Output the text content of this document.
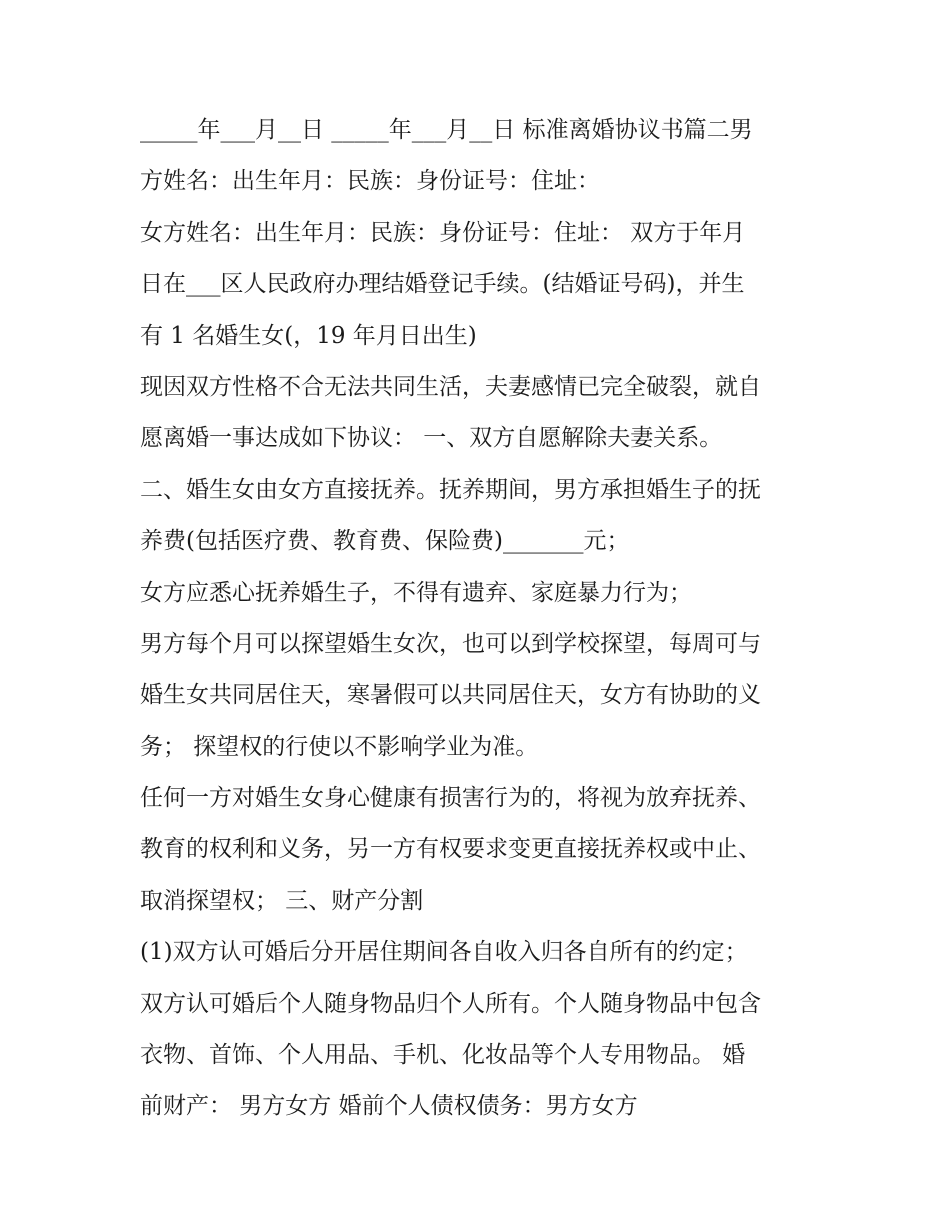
_____年___月__日 _____年___月__日 标准离婚协议书篇二男
方姓名：出生年月：民族：身份证号：住址：
女方姓名：出生年月：民族：身份证号：住址： 双方于年月
日在___区人民政府办理结婚登记手续。(结婚证号码)，并生
有 1 名婚生女(，19 年月日出生)
现因双方性格不合无法共同生活，夫妻感情已完全破裂，就自
愿离婚一事达成如下协议： 一、双方自愿解除夫妻关系。
二、婚生女由女方直接抚养。抚养期间，男方承担婚生子的抚
养费(包括医疗费、教育费、保险费)_______元；
女方应悉心抚养婚生子，不得有遗弃、家庭暴力行为；
男方每个月可以探望婚生女次，也可以到学校探望，每周可与
婚生女共同居住天，寒暑假可以共同居住天，女方有协助的义
务； 探望权的行使以不影响学业为准。
任何一方对婚生女身心健康有损害行为的，将视为放弃抚养、
教育的权利和义务，另一方有权要求变更直接抚养权或中止、
取消探望权； 三、财产分割
(1)双方认可婚后分开居住期间各自收入归各自所有的约定；
双方认可婚后个人随身物品归个人所有。个人随身物品中包含
衣物、首饰、个人用品、手机、化妆品等个人专用物品。 婚
前财产： 男方女方 婚前个人债权债务：男方女方
